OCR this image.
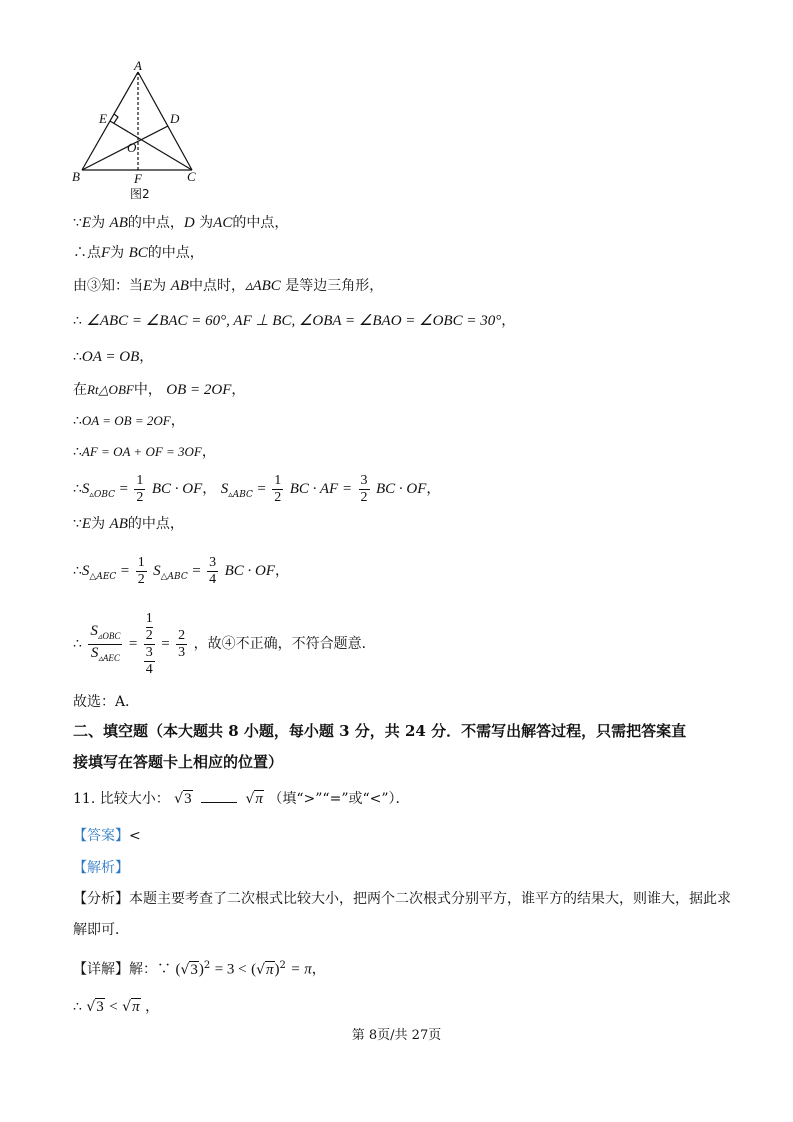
A
E	D
O
B	F	C
图2
∵E为 AB的中点，D 为AC的中点，
∴点F为 BC的中点，
由③知：当E为 AB中点时，▵ABC 是等边三角形，
∴ ∠ABC = ∠BAC = 60°, AF ⊥ BC, ∠OBA = ∠BAO = ∠OBC = 30°，
∴OA = OB，
在Rt△OBF中， OB = 2OF，
∴OA = OB = 2OF，
∴AF = OA + OF = 3OF，
$\therefore S_{▵OBC} = \frac{1}{2}$ BC · OF， $S_{▵ABC} = \frac{1}{2}$ BC · AF = $\frac{3}{2}$ BC · OF，
∵E为 AB的中点，
$\therefore S_{\triangle AEC} = \frac{1}{2} S_{\triangle ABC} = \frac{3}{4}$ BC · OF，
∴ $\frac{S_{▵OBC}}{S_{▵AEC}} = 1$
2
3
$4 = \frac{2}{3}$ ，故④不正确，不符合题意．
故选：A．
二、填空题（本大题共 8 小题，每小题 3 分，共 24 分．不需写出解答过程，只需把答案直
接填写在答题卡上相应的位置）
11. 比较大小： √3	√π （填“>”“=”或“<”）．
【答案】<
【解析】
【分析】本题主要考查了二次根式比较大小，把两个二次根式分别平方，谁平方的结果大，则谁大，据此求
解即可．
【详解】解：∵ $(√3)^2 = 3 < (√\pi)^2 = \pi$，
∴ √3 < √π ，
第 8页/共 27页
